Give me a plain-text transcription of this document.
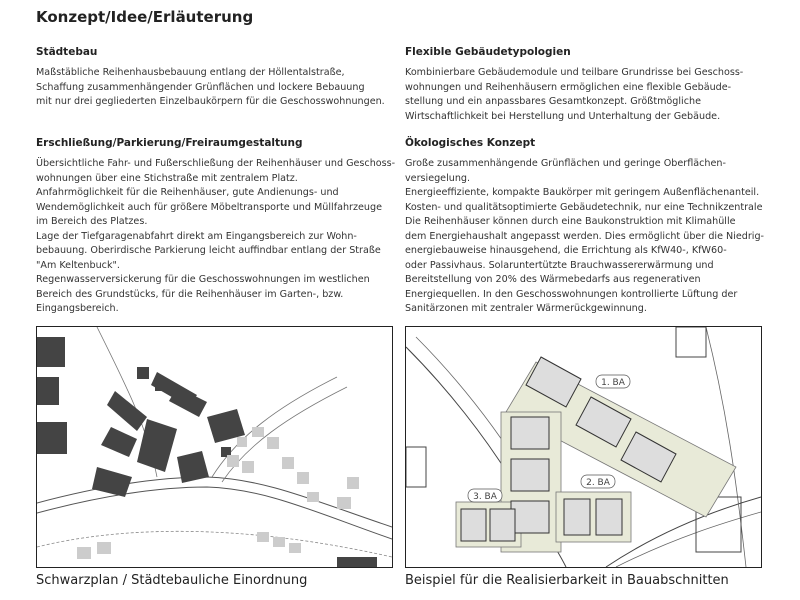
Konzept/Idee/Erläuterung
Städtebau

Maßstäbliche Reihenhausbebauung entlang der Höllentalstraße,
Schaffung zusammenhängender Grünflächen und lockere Bebauung
mit nur drei gegliederten Einzelbaukörpern für die Geschosswohnungen.

Erschließung/Parkierung/Freiraumgestaltung

Übersichtliche Fahr- und Fußerschließung der Reihenhäuser und Geschoss-
wohnungen über eine Stichstraße mit zentralem Platz.
Anfahrmöglichkeit für die Reihenhäuser, gute Andienungs- und
Wendemöglichkeit auch für größere Möbeltransporte und Müllfahrzeuge
im Bereich des Platzes.
Lage der Tiefgaragenabfahrt direkt am Eingangsbereich zur Wohn-
bebauung. Oberirdische Parkierung leicht auffindbar entlang der Straße
"Am Keltenbuck".
Regenwasserversickerung für die Geschosswohnungen im westlichen
Bereich des Grundstücks, für die Reihenhäuser im Garten-, bzw.
Eingangsbereich.

Flexible Gebäudetypologien

Kombinierbare Gebäudemodule und teilbare Grundrisse bei Geschoss-
wohnungen und Reihenhäusern ermöglichen eine flexible Gebäude-
stellung und ein anpassbares Gesamtkonzept. Größtmögliche
Wirtschaftlichkeit bei Herstellung und Unterhaltung der Gebäude.

Ökologisches Konzept

Große zusammenhängende Grünflächen und geringe Oberflächen-
versiegelung.
Energieeffiziente, kompakte Baukörper mit geringem Außenflächenanteil.
Kosten- und qualitätsoptimierte Gebäudetechnik, nur eine Technikzentrale
Die Reihenhäuser können durch eine Baukonstruktion mit Klimahülle
dem Energiehaushalt angepasst werden. Dies ermöglicht über die Niedrig-
energiebauweise hinausgehend, die Errichtung als KfW40-, KfW60-
oder Passivhaus. Solaruntertützte Brauchwassererwärmung und
Bereitstellung von 20% des Wärmebedarfs aus regenerativen
Energiequellen. In den Geschosswohnungen kontrollierte Lüftung der
Sanitärzonen mit zentraler Wärmerückgewinnung.

1. BA
2. BA
3. BA
Schwarzplan / Städtebauliche Einordnung	Beispiel für die Realisierbarkeit in Bauabschnitten
